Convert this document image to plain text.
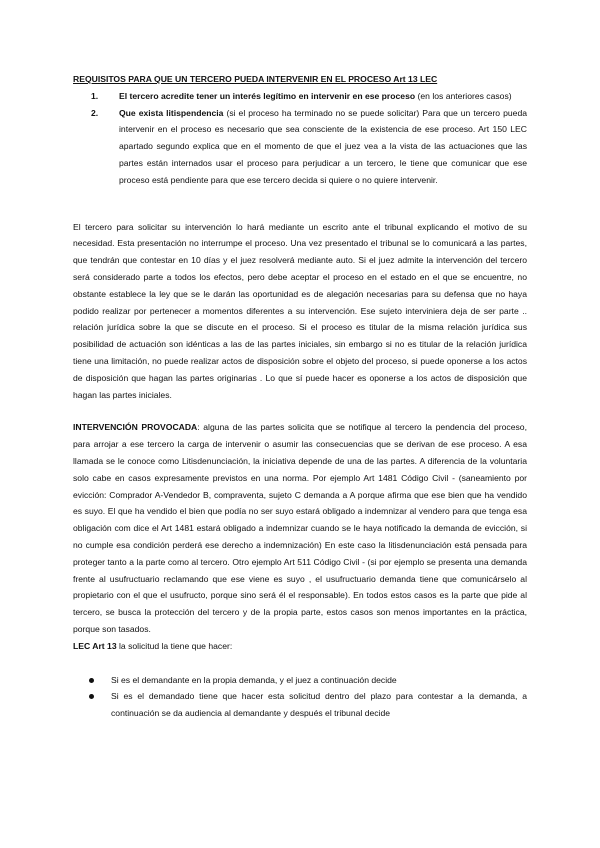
REQUISITOS PARA QUE UN TERCERO PUEDA INTERVENIR EN EL PROCESO Art 13 LEC

1. El tercero acredite tener un interés legítimo en intervenir en ese proceso (en los anteriores casos)
2. Que exista litispendencia (si el proceso ha terminado no se puede solicitar) Para que un tercero pueda intervenir en el proceso es necesario que sea consciente de la existencia de ese proceso. Art 150 LEC apartado segundo explica que en el momento de que el juez vea a la vista de las actuaciones que las partes están internados usar el proceso para perjudicar a un tercero, le tiene que comunicar que ese proceso está pendiente para que ese tercero decida si quiere o no quiere intervenir.

El tercero para solicitar su intervención lo hará mediante un escrito ante el tribunal explicando el motivo de su necesidad. Esta presentación no interrumpe el proceso. Una vez presentado el tribunal se lo comunicará a las partes, que tendrán que contestar en 10 días y el juez resolverá mediante auto. Si el juez admite la intervención del tercero será considerado parte a todos los efectos, pero debe aceptar el proceso en el estado en el que se encuentre, no obstante establece la ley que se le darán las oportunidad es de alegación necesarias para su defensa que no haya podido realizar por pertenecer a momentos diferentes a su intervención. Ese sujeto interviniera deja de ser parte .. relación jurídica sobre la que se discute en el proceso. Si el proceso es titular de la misma relación jurídica sus posibilidad de actuación son idénticas a las de las partes iniciales, sin embargo si no es titular de la relación jurídica tiene una limitación, no puede realizar actos de disposición sobre el objeto del proceso, si puede oponerse a los actos de disposición que hagan las partes originarias . Lo que sí puede hacer es oponerse a los actos de disposición que hagan las partes iniciales.

INTERVENCIÓN PROVOCADA: alguna de las partes solicita que se notifique al tercero la pendencia del proceso, para arrojar a ese tercero la carga de intervenir o asumir las consecuencias que se derivan de ese proceso. A esa llamada se le conoce como Litisdenunciación, la iniciativa depende de una de las partes. A diferencia de la voluntaria solo cabe en casos expresamente previstos en una norma. Por ejemplo Art 1481 Código Civil - (saneamiento por evicción: Comprador A-Vendedor B, compraventa, sujeto C demanda a A porque afirma que ese bien que ha vendido es suyo. El que ha vendido el bien que podía no ser suyo estará obligado a indemnizar al vendero para que tenga esa obligación com dice el Art 1481 estará obligado a indemnizar cuando se le haya notificado la demanda de evicción, si no cumple esa condición perderá ese derecho a indemnización) En este caso la litisdenunciación está pensada para proteger tanto a la parte como al tercero. Otro ejemplo Art 511 Código Civil - (si por ejemplo se presenta una demanda frente al usufructuario reclamando que ese viene es suyo , el usufructuario demanda tiene que comunicárselo al propietario con el que el usufructo, porque sino será él el responsable). En todos estos casos es la parte que pide al tercero, se busca la protección del tercero y de la propia parte, estos casos son menos importantes en la práctica, porque son tasados.

LEC Art 13 la solicitud la tiene que hacer:

Si es el demandante en la propia demanda, y el juez a continuación decide
Si es el demandado tiene que hacer esta solicitud dentro del plazo para contestar a la demanda, a continuación se da audiencia al demandante y después el tribunal decide
